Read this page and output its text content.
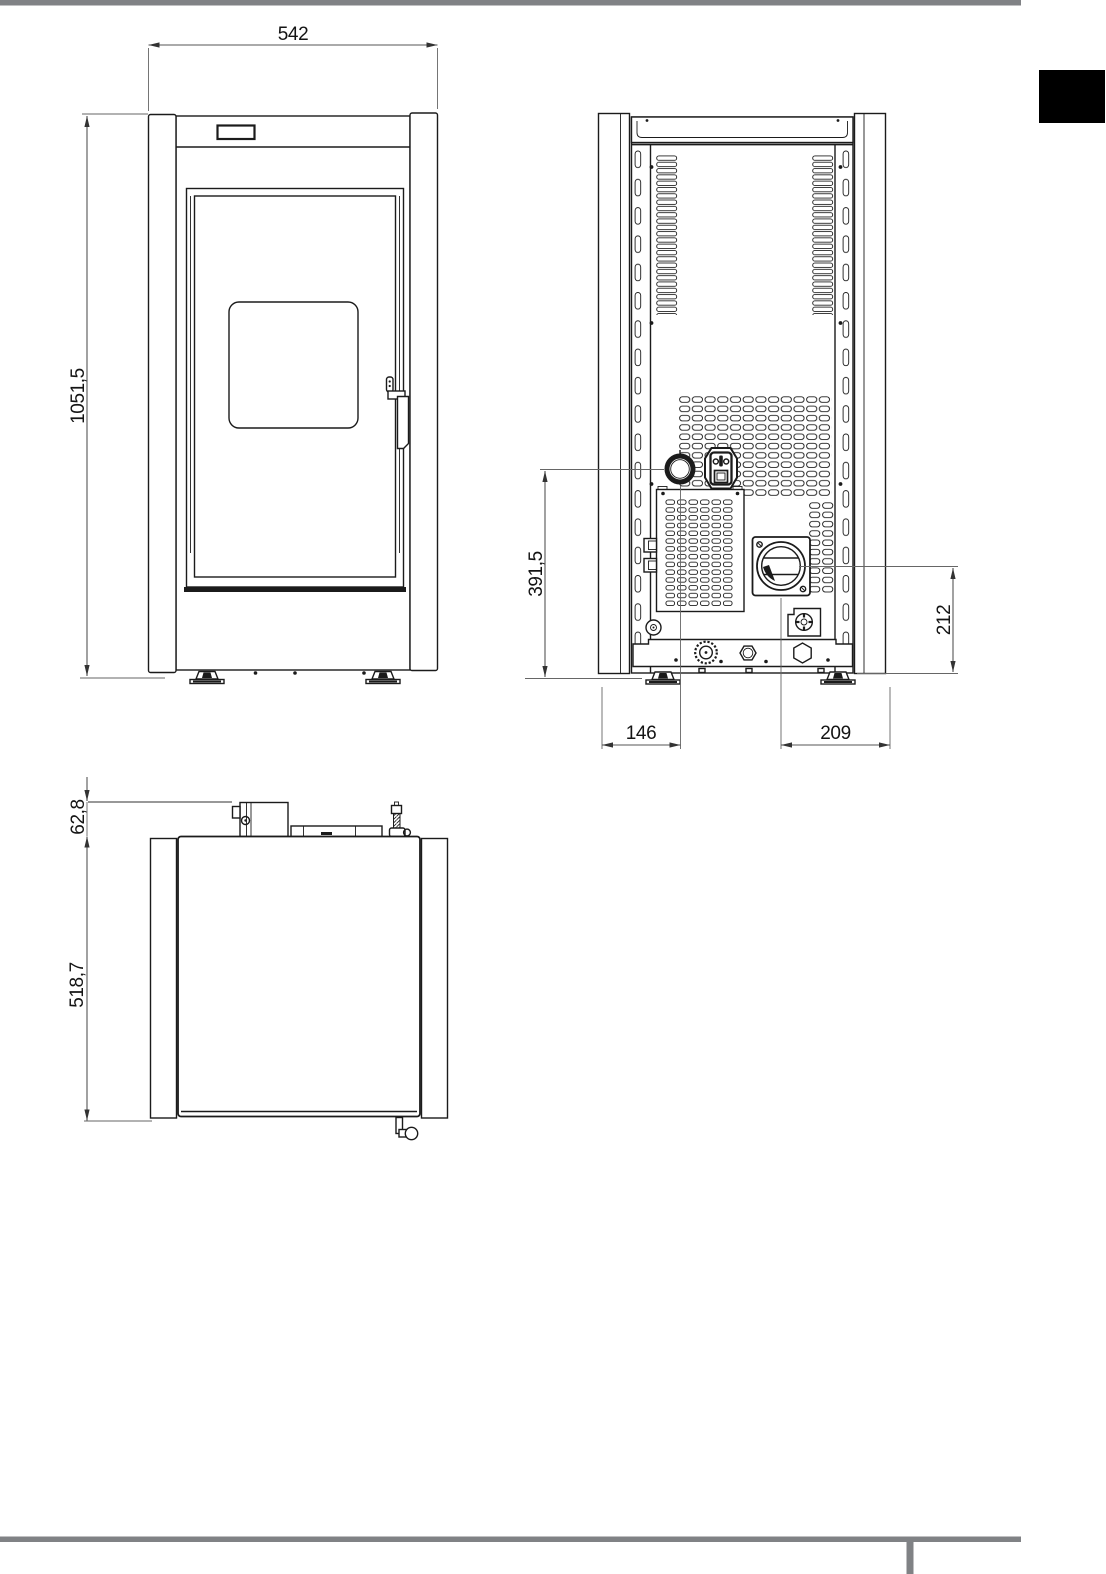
542
1051,5
391,5
212
146	209
62,8
518,7
